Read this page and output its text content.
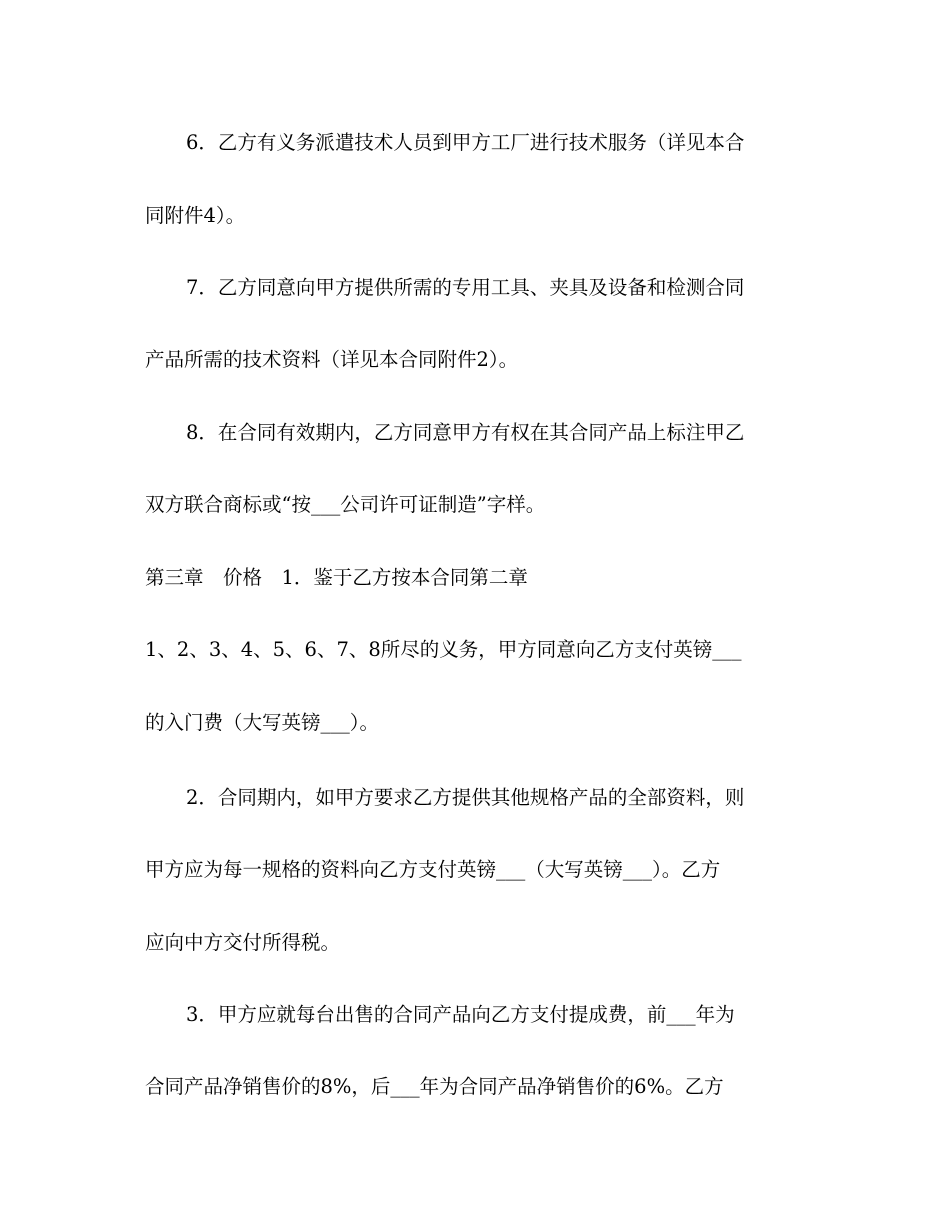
6．乙方有义务派遣技术人员到甲方工厂进行技术服务（详见本合
同附件4）。
7．乙方同意向甲方提供所需的专用工具、夹具及设备和检测合同
产品所需的技术资料（详见本合同附件2）。
8．在合同有效期内，乙方同意甲方有权在其合同产品上标注甲乙
双方联合商标或“按___公司许可证制造”字样。
第三章　价格　1．鉴于乙方按本合同第二章
1、2、3、4、5、6、7、8所尽的义务，甲方同意向乙方支付英镑___
的入门费（大写英镑___）。
2．合同期内，如甲方要求乙方提供其他规格产品的全部资料，则
甲方应为每一规格的资料向乙方支付英镑___（大写英镑___）。乙方
应向中方交付所得税。
3．甲方应就每台出售的合同产品向乙方支付提成费，前___年为
合同产品净销售价的8%，后___年为合同产品净销售价的6%。乙方
